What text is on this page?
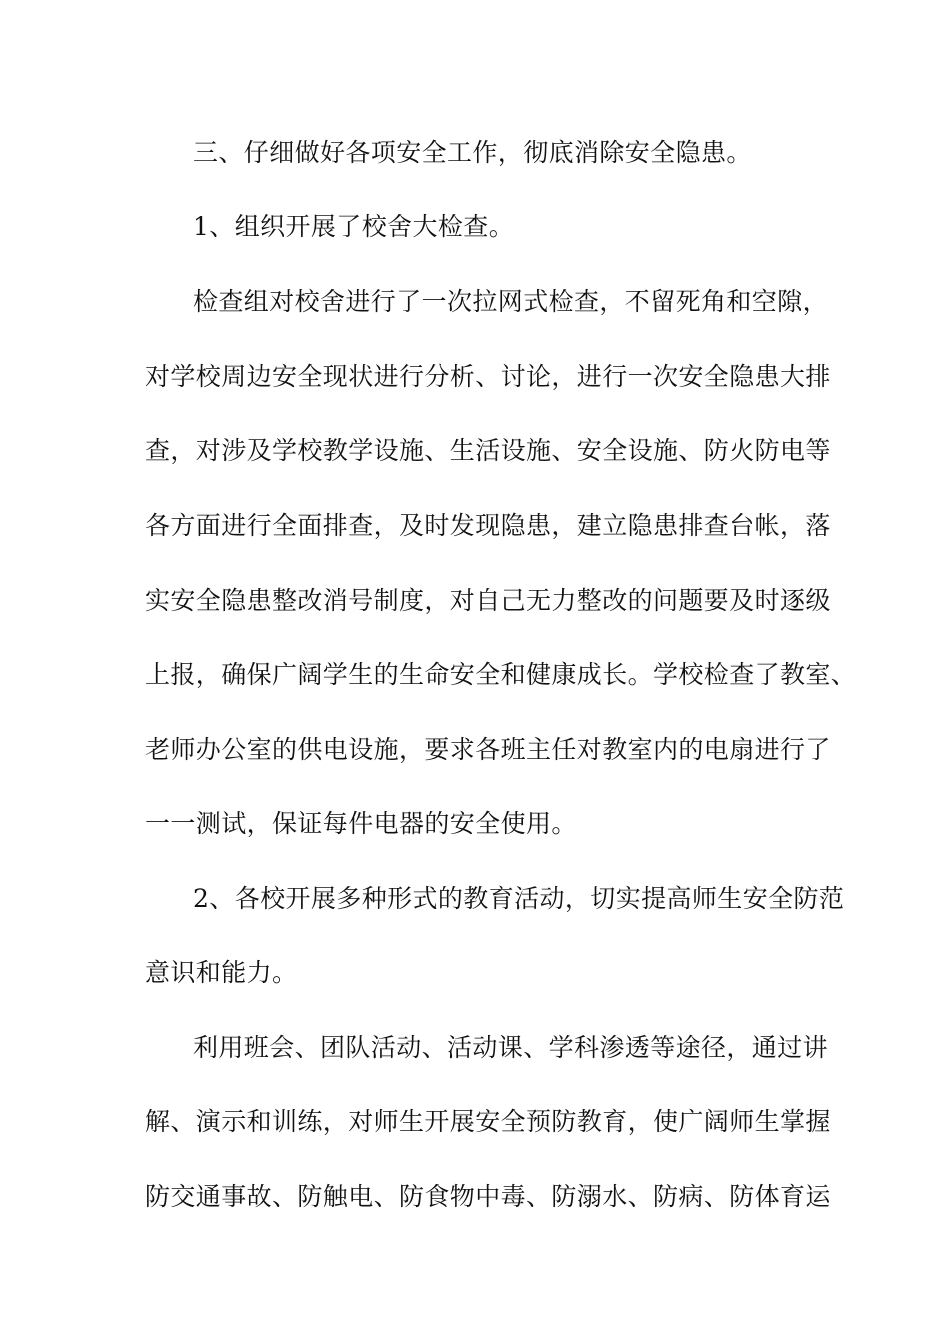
三、仔细做好各项安全工作，彻底消除安全隐患。
1、组织开展了校舍大检查。
检查组对校舍进行了一次拉网式检查，不留死角和空隙，
对学校周边安全现状进行分析、讨论，进行一次安全隐患大排
查，对涉及学校教学设施、生活设施、安全设施、防火防电等
各方面进行全面排查，及时发现隐患，建立隐患排查台帐，落
实安全隐患整改消号制度，对自己无力整改的问题要及时逐级
上报，确保广阔学生的生命安全和健康成长。学校检查了教室、
老师办公室的供电设施，要求各班主任对教室内的电扇进行了
一一测试，保证每件电器的安全使用。
2、各校开展多种形式的教育活动，切实提高师生安全防范
意识和能力。
利用班会、团队活动、活动课、学科渗透等途径，通过讲
解、演示和训练，对师生开展安全预防教育，使广阔师生掌握
防交通事故、防触电、防食物中毒、防溺水、防病、防体育运
